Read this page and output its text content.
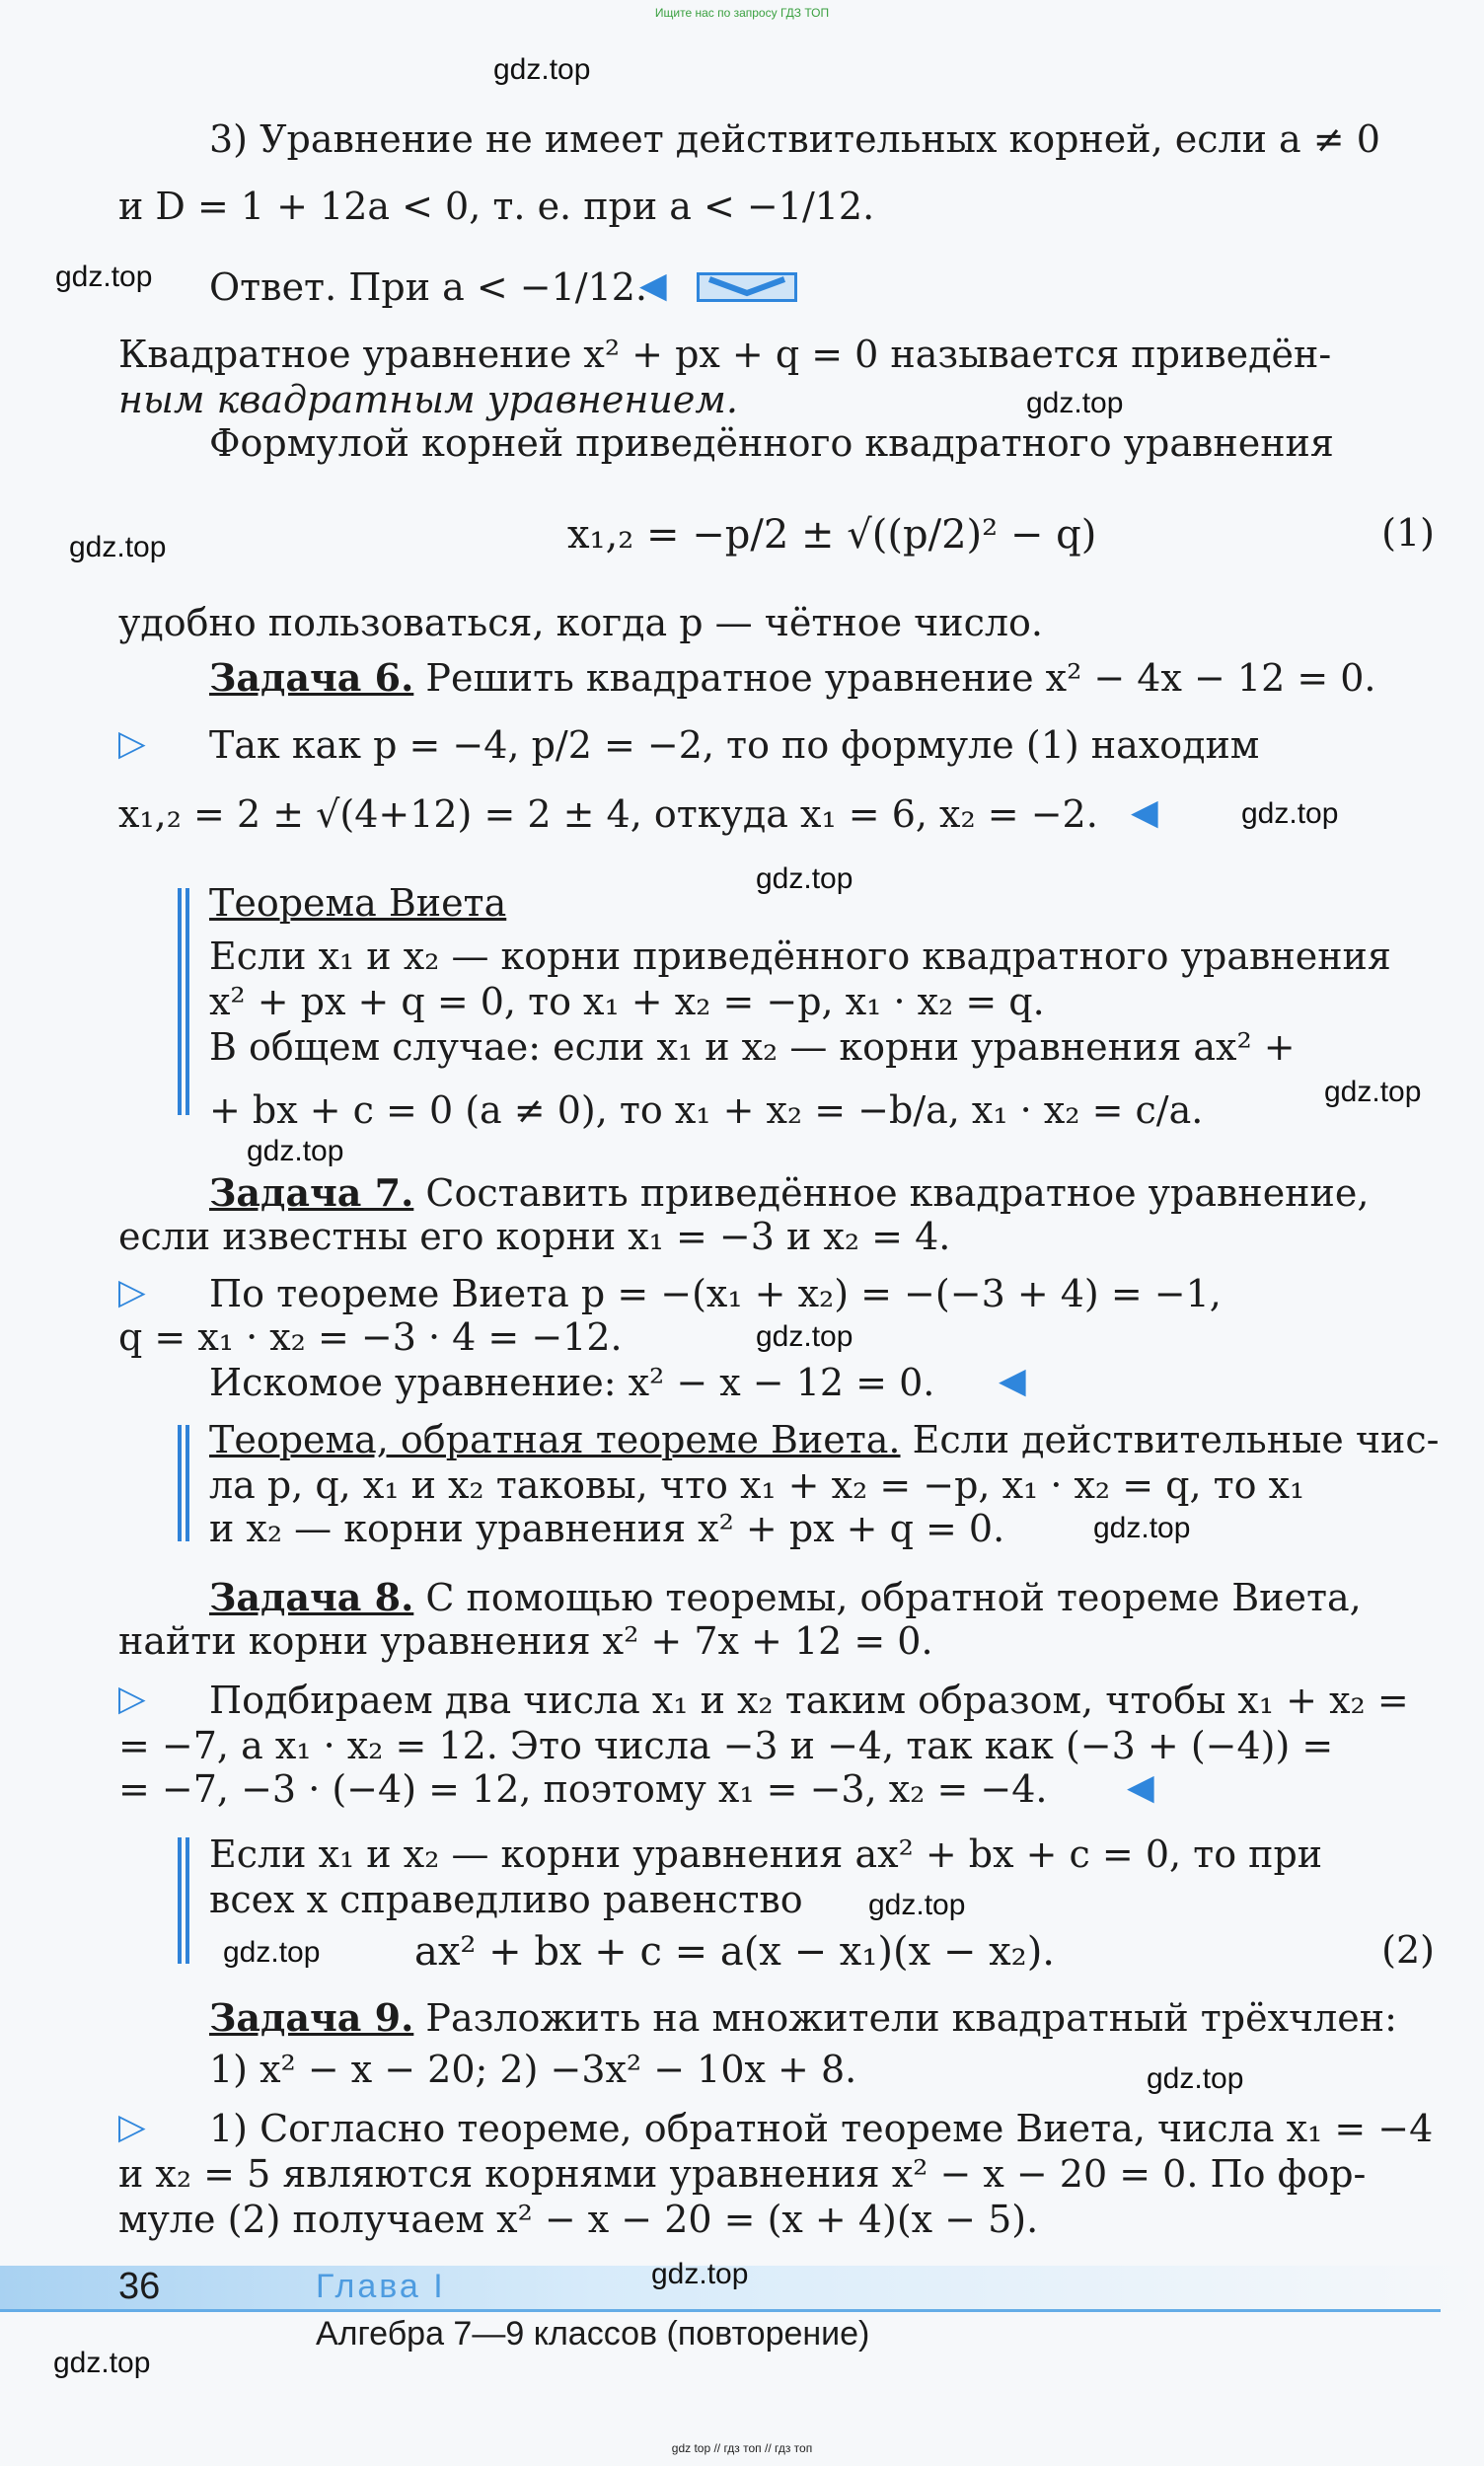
Ищите нас по запросу ГДЗ ТОП
3) Уравнение не имеет действительных корней, если a ≠ 0
и D = 1 + 12a < 0, т. е. при a < −1/12.
Ответ. При a < −1/12.
◀
Квадратное уравнение x² + px + q = 0 называется приведён-
ным квадратным уравнением.
Формулой корней приведённого квадратного уравнения
x₁,₂ = −p/2 ± √((p/2)² − q)	(1)
удобно пользоваться, когда p — чётное число.
Задача 6. Решить квадратное уравнение x² − 4x − 12 = 0.
▷ Так как p = −4, p/2 = −2, то по формуле (1) находим
x₁,₂ = 2 ± √(4+12) = 2 ± 4, откуда x₁ = 6, x₂ = −2. ◀
Теорема Виета
Если x₁ и x₂ — корни приведённого квадратного уравнения
x² + px + q = 0, то x₁ + x₂ = −p, x₁ · x₂ = q.
В общем случае: если x₁ и x₂ — корни уравнения ax² +
+ bx + c = 0 (a ≠ 0), то x₁ + x₂ = −b/a, x₁ · x₂ = c/a.
Задача 7. Составить приведённое квадратное уравнение,
если известны его корни x₁ = −3 и x₂ = 4.
▷ По теореме Виета p = −(x₁ + x₂) = −(−3 + 4) = −1,
q = x₁ · x₂ = −3 · 4 = −12.
Искомое уравнение: x² − x − 12 = 0. ◀
Теорема, обратная теореме Виета. Если действительные чис-
ла p, q, x₁ и x₂ таковы, что x₁ + x₂ = −p, x₁ · x₂ = q, то x₁
и x₂ — корни уравнения x² + px + q = 0.
Задача 8. С помощью теоремы, обратной теореме Виета,
найти корни уравнения x² + 7x + 12 = 0.
▷ Подбираем два числа x₁ и x₂ таким образом, чтобы x₁ + x₂ =
= −7, а x₁ · x₂ = 12. Это числа −3 и −4, так как (−3 + (−4)) =
= −7, −3 · (−4) = 12, поэтому x₁ = −3, x₂ = −4. ◀
Если x₁ и x₂ — корни уравнения ax² + bx + c = 0, то при
всех x справедливо равенство
ax² + bx + c = a(x − x₁)(x − x₂).	(2)
Задача 9. Разложить на множители квадратный трёхчлен:
1) x² − x − 20; 2) −3x² − 10x + 8.
▷ 1) Согласно теореме, обратной теореме Виета, числа x₁ = −4
и x₂ = 5 являются корнями уравнения x² − x − 20 = 0. По фор-
муле (2) получаем x² − x − 20 = (x + 4)(x − 5).
36	Глава I
Алгебра 7—9 классов (повторение)
gdz.top
gdz.top
gdz.top
gdz.top
gdz.top
gdz.top
gdz.top
gdz.top
gdz.top
gdz.top
gdz.top
gdz.top
gdz.top
gdz.top
gdz.top
gdz top // гдз топ // гдз топ
